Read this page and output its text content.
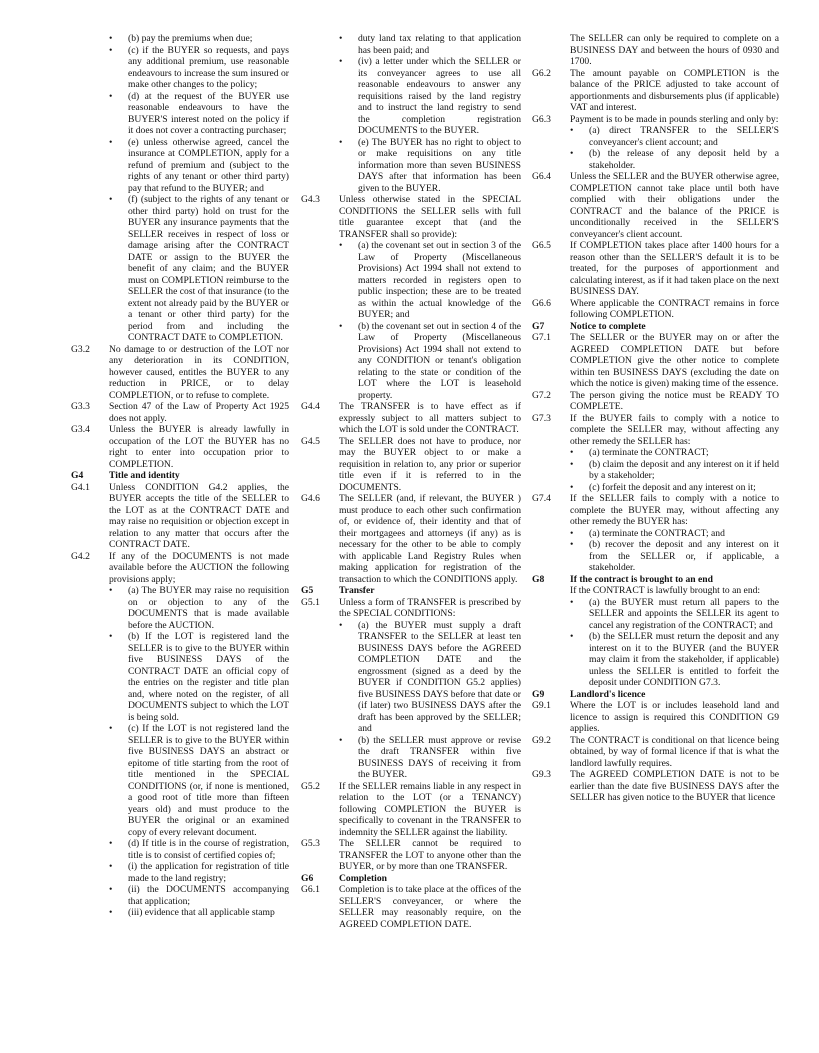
• (b) pay the premiums when due;
• (c) if the BUYER so requests, and pays any additional premium, use reasonable endeavours to increase the sum insured or make other changes to the policy;
• (d) at the request of the BUYER use reasonable endeavours to have the BUYER'S interest noted on the policy if it does not cover a contracting purchaser;
• (e) unless otherwise agreed, cancel the insurance at COMPLETION, apply for a refund of premium and (subject to the rights of any tenant or other third party) pay that refund to the BUYER; and
• (f) (subject to the rights of any tenant or other third party) hold on trust for the BUYER any insurance payments that the SELLER receives in respect of loss or damage arising after the CONTRACT DATE or assign to the BUYER the benefit of any claim; and the BUYER must on COMPLETION reimburse to the SELLER the cost of that insurance (to the extent not already paid by the BUYER or a tenant or other third party) for the period from and including the CONTRACT DATE to COMPLETION.
G3.2	No damage to or destruction of the LOT nor any deterioration in its CONDITION, however caused, entitles the BUYER to any reduction in PRICE, or to delay COMPLETION, or to refuse to complete.
G3.3	Section 47 of the Law of Property Act 1925 does not apply.
G3.4	Unless the BUYER is already lawfully in occupation of the LOT the BUYER has no right to enter into occupation prior to COMPLETION.
G4	Title and identity
G4.1	Unless CONDITION G4.2 applies, the BUYER accepts the title of the SELLER to the LOT as at the CONTRACT DATE and may raise no requisition or objection except in relation to any matter that occurs after the CONTRACT DATE.
G4.2	If any of the DOCUMENTS is not made available before the AUCTION the following provisions apply;
• (a) The BUYER may raise no requisition on or objection to any of the DOCUMENTS that is made available before the AUCTION.
• (b) If the LOT is registered land the SELLER is to give to the BUYER within five BUSINESS DAYS of the CONTRACT DATE an official copy of the entries on the register and title plan and, where noted on the register, of all DOCUMENTS subject to which the LOT is being sold.
• (c) If the LOT is not registered land the SELLER is to give to the BUYER within five BUSINESS DAYS an abstract or epitome of title starting from the root of title mentioned in the SPECIAL CONDITIONS (or, if none is mentioned, a good root of title more than fifteen years old) and must produce to the BUYER the original or an examined copy of every relevant document.
• (d) If title is in the course of registration, title is to consist of certified copies of;
• (i) the application for registration of title made to the land registry;
• (ii) the DOCUMENTS accompanying that application;
• (iii) evidence that all applicable stamp
• duty land tax relating to that application has been paid; and
• (iv) a letter under which the SELLER or its conveyancer agrees to use all reasonable endeavours to answer any requisitions raised by the land registry and to instruct the land registry to send the completion registration DOCUMENTS to the BUYER.
• (e) The BUYER has no right to object to or make requisitions on any title information more than seven BUSINESS DAYS after that information has been given to the BUYER.
G4.3	Unless otherwise stated in the SPECIAL CONDITIONS the SELLER sells with full title guarantee except that (and the TRANSFER shall so provide):
• (a) the covenant set out in section 3 of the Law of Property (Miscellaneous Provisions) Act 1994 shall not extend to matters recorded in registers open to public inspection; these are to be treated as within the actual knowledge of the BUYER; and
• (b) the covenant set out in section 4 of the Law of Property (Miscellaneous Provisions) Act 1994 shall not extend to any CONDITION or tenant's obligation relating to the state or condition of the LOT where the LOT is leasehold property.
G4.4	The TRANSFER is to have effect as if expressly subject to all matters subject to which the LOT is sold under the CONTRACT.
G4.5	The SELLER does not have to produce, nor may the BUYER object to or make a requisition in relation to, any prior or superior title even if it is referred to in the DOCUMENTS.
G4.6	The SELLER (and, if relevant, the BUYER ) must produce to each other such confirmation of, or evidence of, their identity and that of their mortgagees and attorneys (if any) as is necessary for the other to be able to comply with applicable Land Registry Rules when making application for registration of the transaction to which the CONDITIONS apply.
G5	Transfer
G5.1	Unless a form of TRANSFER is prescribed by the SPECIAL CONDITIONS:
• (a) the BUYER must supply a draft TRANSFER to the SELLER at least ten BUSINESS DAYS before the AGREED COMPLETION DATE and the engrossment (signed as a deed by the BUYER if CONDITION G5.2 applies) five BUSINESS DAYS before that date or (if later) two BUSINESS DAYS after the draft has been approved by the SELLER; and
• (b) the SELLER must approve or revise the draft TRANSFER within five BUSINESS DAYS of receiving it from the BUYER.
G5.2	If the SELLER remains liable in any respect in relation to the LOT (or a TENANCY) following COMPLETION the BUYER is specifically to covenant in the TRANSFER to indemnity the SELLER against the liability.
G5.3	The SELLER cannot be required to TRANSFER the LOT to anyone other than the BUYER, or by more than one TRANSFER.
G6	Completion
G6.1	Completion is to take place at the offices of the SELLER'S conveyancer, or where the SELLER may reasonably require, on the AGREED COMPLETION DATE.
The SELLER can only be required to complete on a BUSINESS DAY and between the hours of 0930 and 1700.
G6.2	The amount payable on COMPLETION is the balance of the PRICE adjusted to take account of apportionments and disbursements plus (if applicable) VAT and interest.
G6.3	Payment is to be made in pounds sterling and only by:
• (a) direct TRANSFER to the SELLER'S conveyancer's client account; and
• (b) the release of any deposit held by a stakeholder.
G6.4	Unless the SELLER and the BUYER otherwise agree, COMPLETION cannot take place until both have complied with their obligations under the CONTRACT and the balance of the PRICE is unconditionally received in the SELLER'S conveyancer's client account.
G6.5	If COMPLETION takes place after 1400 hours for a reason other than the SELLER'S default it is to be treated, for the purposes of apportionment and calculating interest, as if it had taken place on the next BUSINESS DAY.
G6.6	Where applicable the CONTRACT remains in force following COMPLETION.
G7	Notice to complete
G7.1	The SELLER or the BUYER may on or after the AGREED COMPLETION DATE but before COMPLETION give the other notice to complete within ten BUSINESS DAYS (excluding the date on which the notice is given) making time of the essence.
G7.2	The person giving the notice must be READY TO COMPLETE.
G7.3	If the BUYER fails to comply with a notice to complete the SELLER may, without affecting any other remedy the SELLER has:
• (a) terminate the CONTRACT;
• (b) claim the deposit and any interest on it if held by a stakeholder;
• (c) forfeit the deposit and any interest on it;
G7.4	If the SELLER fails to comply with a notice to complete the BUYER may, without affecting any other remedy the BUYER has:
• (a) terminate the CONTRACT; and
• (b) recover the deposit and any interest on it from the SELLER or, if applicable, a stakeholder.
G8	If the contract is brought to an end
If the CONTRACT is lawfully brought to an end:
• (a) the BUYER must return all papers to the SELLER and appoints the SELLER its agent to cancel any registration of the CONTRACT; and
• (b) the SELLER must return the deposit and any interest on it to the BUYER (and the BUYER may claim it from the stakeholder, if applicable) unless the SELLER is entitled to forfeit the deposit under CONDITION G7.3.
G9	Landlord's licence
G9.1	Where the LOT is or includes leasehold land and licence to assign is required this CONDITION G9 applies.
G9.2	The CONTRACT is conditional on that licence being obtained, by way of formal licence if that is what the landlord lawfully requires.
G9.3	The AGREED COMPLETION DATE is not to be earlier than the date five BUSINESS DAYS after the SELLER has given notice to the BUYER that licence
